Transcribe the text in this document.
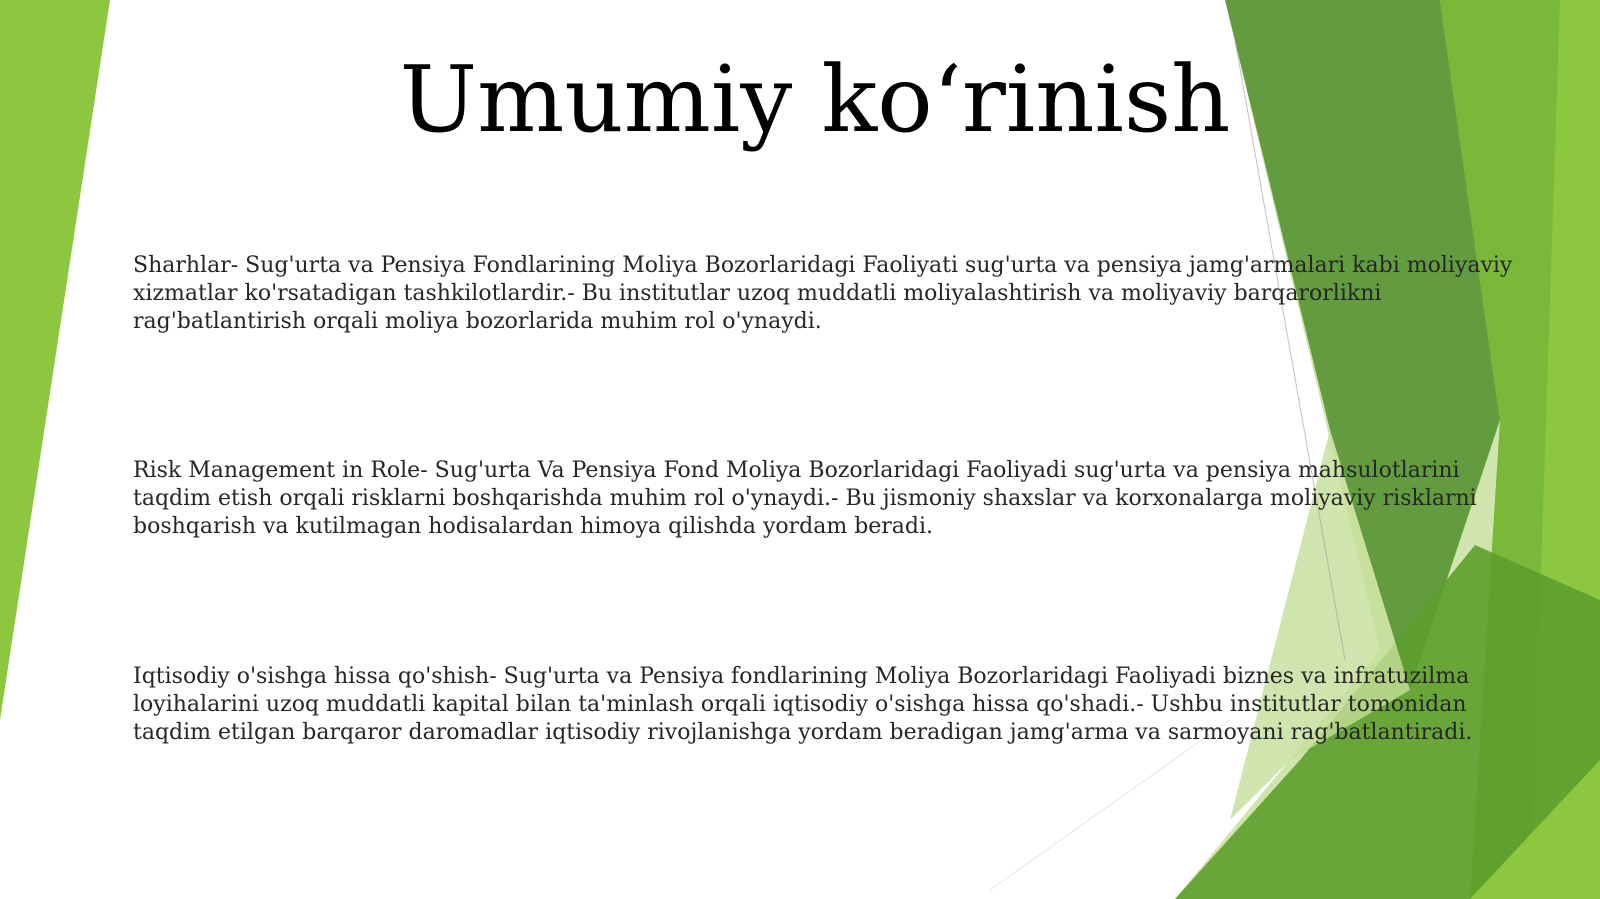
Umumiy ko‘rinish

Sharhlar- Sug'urta va Pensiya Fondlarining Moliya Bozorlaridagi Faoliyati sug'urta va pensiya jamg'armalari kabi moliyaviy xizmatlar ko'rsatadigan tashkilotlardir.- Bu institutlar uzoq muddatli moliyalashtirish va moliyaviy barqarorlikni rag'batlantirish orqali moliya bozorlarida muhim rol o'ynaydi.

Risk Management in Role- Sug'urta Va Pensiya Fond Moliya Bozorlaridagi Faoliyadi sug'urta va pensiya mahsulotlarini taqdim etish orqali risklarni boshqarishda muhim rol o'ynaydi.- Bu jismoniy shaxslar va korxonalarga moliyaviy risklarni boshqarish va kutilmagan hodisalardan himoya qilishda yordam beradi.

Iqtisodiy o'sishga hissa qo'shish- Sug'urta va Pensiya fondlarining Moliya Bozorlaridagi Faoliyadi biznes va infratuzilma loyihalarini uzoq muddatli kapital bilan ta'minlash orqali iqtisodiy o'sishga hissa qo'shadi.- Ushbu institutlar tomonidan taqdim etilgan barqaror daromadlar iqtisodiy rivojlanishga yordam beradigan jamg'arma va sarmoyani rag'batlantiradi.
